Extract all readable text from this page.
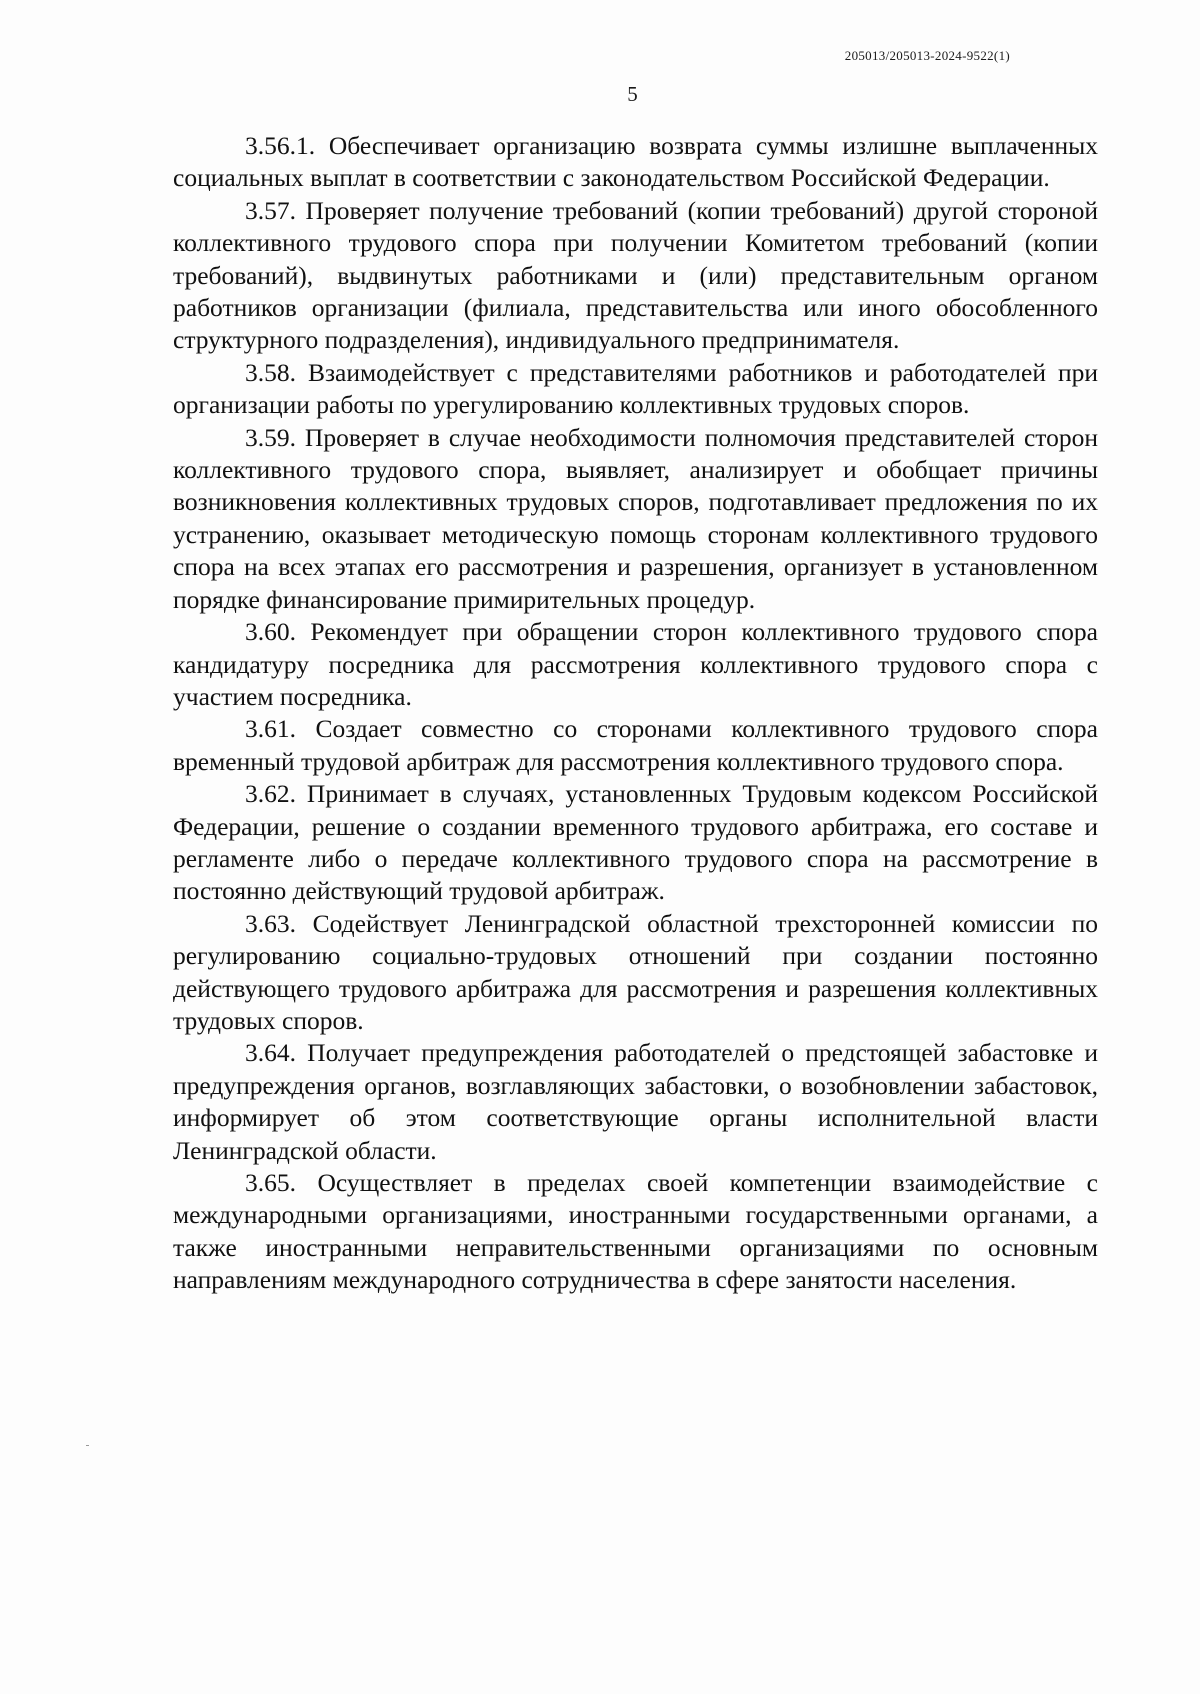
205013/205013-2024-9522(1)
5

3.56.1. Обеспечивает организацию возврата суммы излишне выплаченных социальных выплат в соответствии с законодательством Российской Федерации.

3.57. Проверяет получение требований (копии требований) другой стороной коллективного трудового спора при получении Комитетом требований (копии требований), выдвинутых работниками и (или) представительным органом работников организации (филиала, представительства или иного обособленного структурного подразделения), индивидуального предпринимателя.

3.58. Взаимодействует с представителями работников и работодателей при организации работы по урегулированию коллективных трудовых споров.

3.59. Проверяет в случае необходимости полномочия представителей сторон коллективного трудового спора, выявляет, анализирует и обобщает причины возникновения коллективных трудовых споров, подготавливает предложения по их устранению, оказывает методическую помощь сторонам коллективного трудового спора на всех этапах его рассмотрения и разрешения, организует в установленном порядке финансирование примирительных процедур.

3.60. Рекомендует при обращении сторон коллективного трудового спора кандидатуру посредника для рассмотрения коллективного трудового спора с участием посредника.

3.61. Создает совместно со сторонами коллективного трудового спора временный трудовой арбитраж для рассмотрения коллективного трудового спора.

3.62. Принимает в случаях, установленных Трудовым кодексом Российской Федерации, решение о создании временного трудового арбитража, его составе и регламенте либо о передаче коллективного трудового спора на рассмотрение в постоянно действующий трудовой арбитраж.

3.63. Содействует Ленинградской областной трехсторонней комиссии по регулированию социально-трудовых отношений при создании постоянно действующего трудового арбитража для рассмотрения и разрешения коллективных трудовых споров.

3.64. Получает предупреждения работодателей о предстоящей забастовке и предупреждения органов, возглавляющих забастовки, о возобновлении забастовок, информирует об этом соответствующие органы исполнительной власти Ленинградской области.

3.65. Осуществляет в пределах своей компетенции взаимодействие с международными организациями, иностранными государственными органами, а также иностранными неправительственными организациями по основным направлениям международного сотрудничества в сфере занятости населения.
